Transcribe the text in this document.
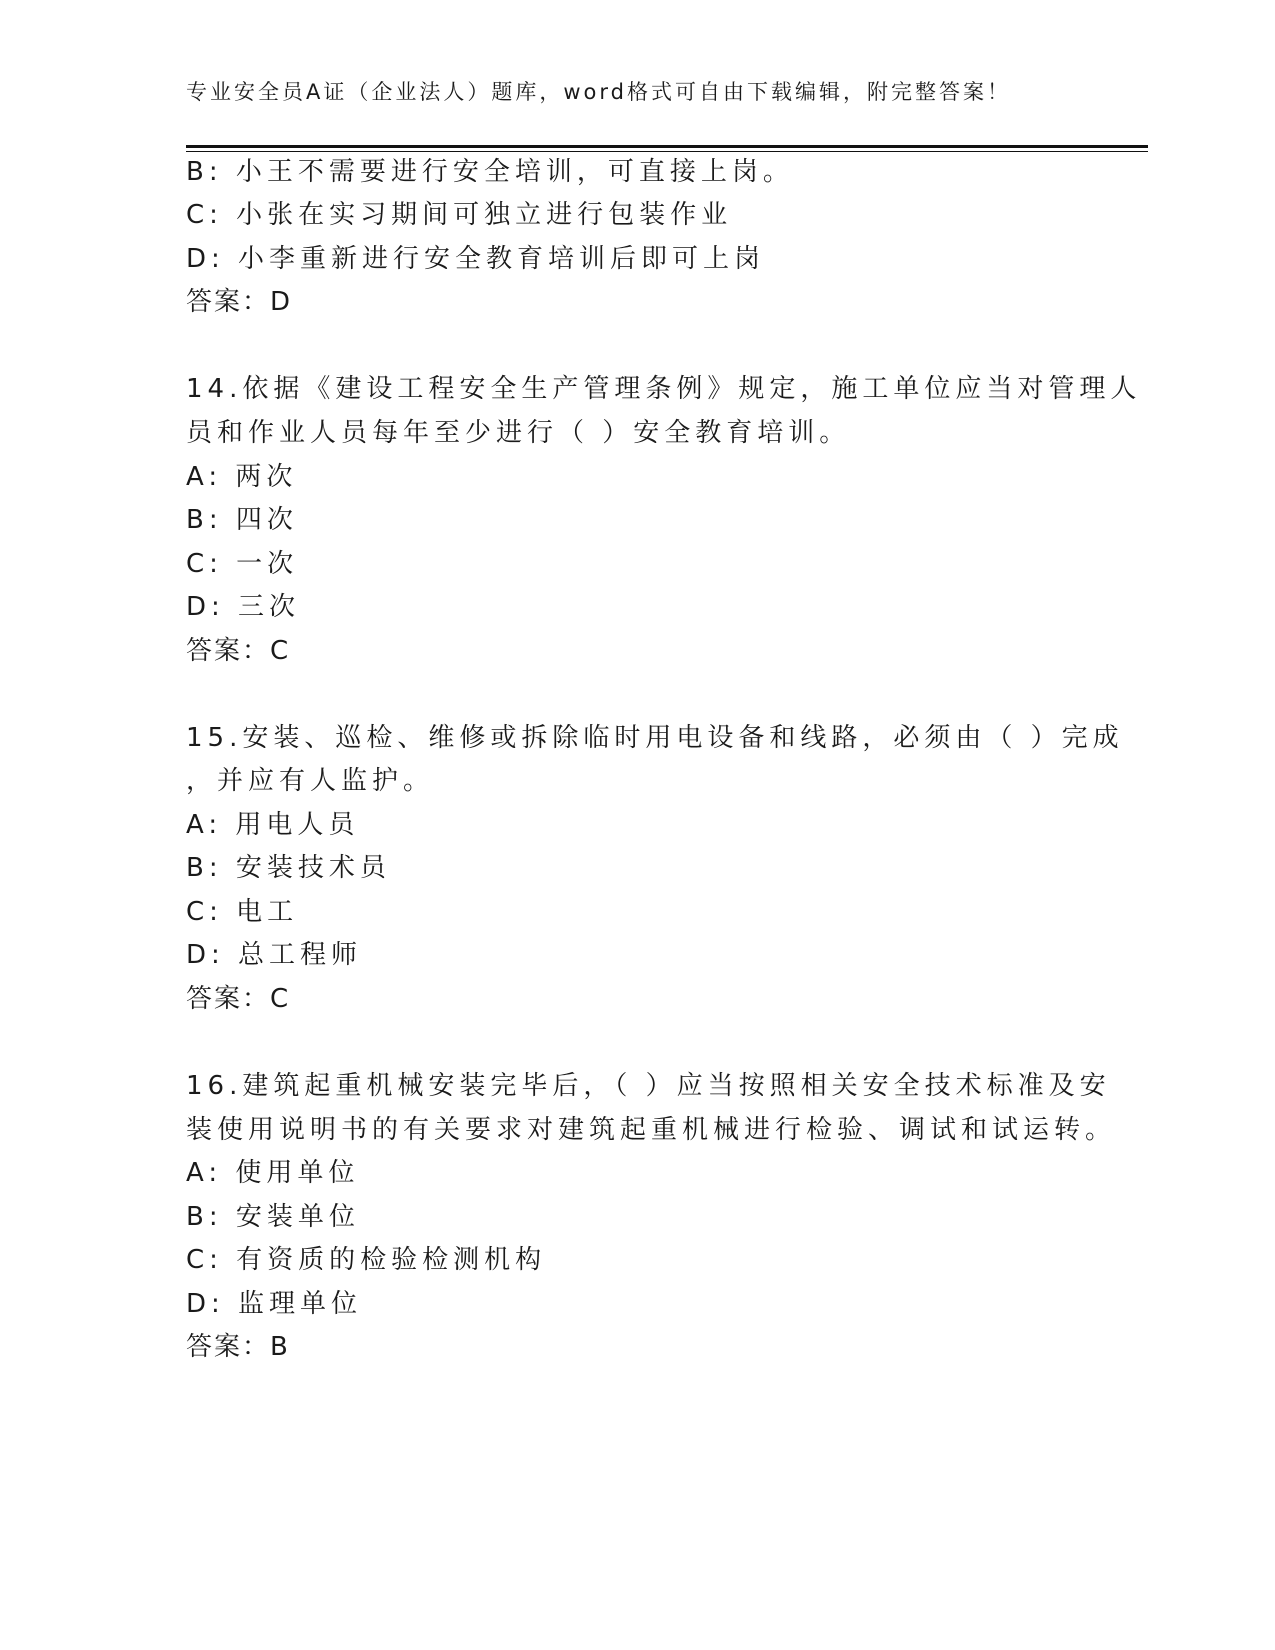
专业安全员A证（企业法人）题库，word格式可自由下载编辑，附完整答案！
B: 小王不需要进行安全培训，可直接上岗。
C: 小张在实习期间可独立进行包装作业
D: 小李重新进行安全教育培训后即可上岗
答案：D
14.依据《建设工程安全生产管理条例》规定，施工单位应当对管理人
员和作业人员每年至少进行（ ）安全教育培训。
A: 两次
B: 四次
C: 一次
D: 三次
答案：C
15.安装、巡检、维修或拆除临时用电设备和线路，必须由（ ）完成
，并应有人监护。
A: 用电人员
B: 安装技术员
C: 电工
D: 总工程师
答案：C
16.建筑起重机械安装完毕后，（ ）应当按照相关安全技术标准及安
装使用说明书的有关要求对建筑起重机械进行检验、调试和试运转。
A: 使用单位
B: 安装单位
C: 有资质的检验检测机构
D: 监理单位
答案：B
